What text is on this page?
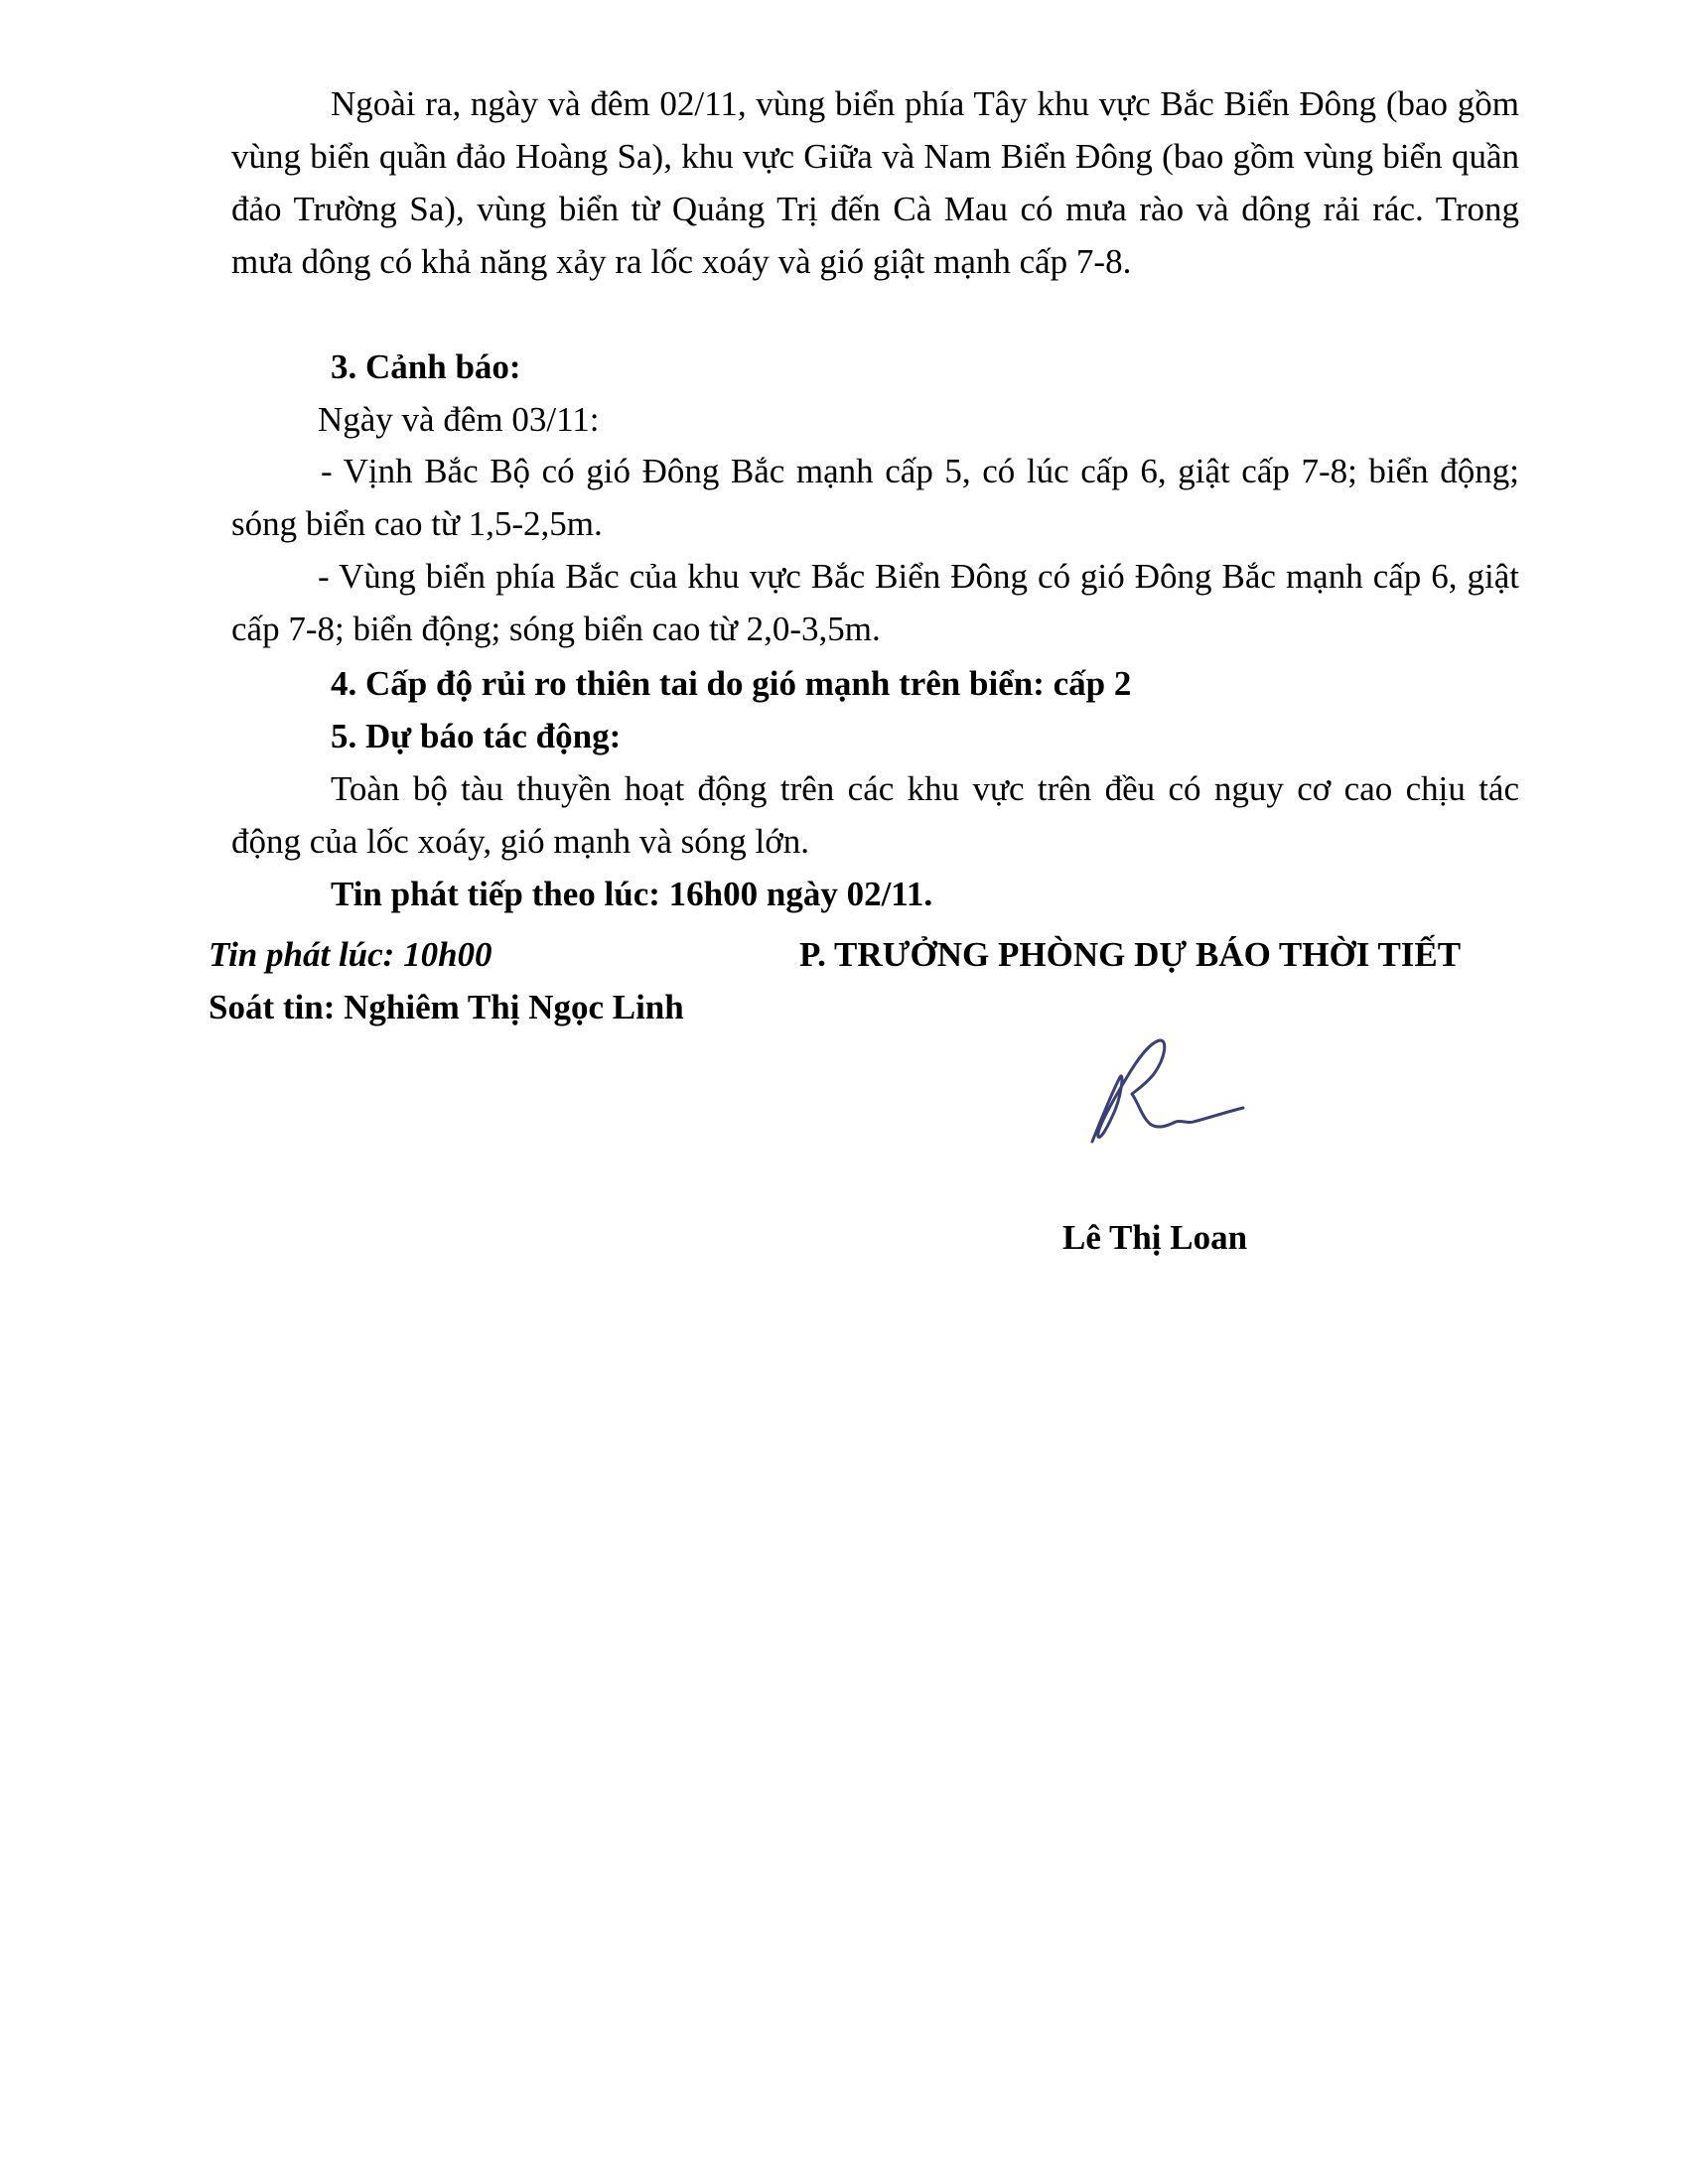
Ngoài ra, ngày và đêm 02/11, vùng biển phía Tây khu vực Bắc Biển Đông (bao gồm vùng biển quần đảo Hoàng Sa), khu vực Giữa và Nam Biển Đông (bao gồm vùng biển quần đảo Trường Sa), vùng biển từ Quảng Trị đến Cà Mau có mưa rào và dông rải rác. Trong mưa dông có khả năng xảy ra lốc xoáy và gió giật mạnh cấp 7-8.

3. Cảnh báo:

Ngày và đêm 03/11:

- Vịnh Bắc Bộ có gió Đông Bắc mạnh cấp 5, có lúc cấp 6, giật cấp 7-8; biển động; sóng biển cao từ 1,5-2,5m.

- Vùng biển phía Bắc của khu vực Bắc Biển Đông có gió Đông Bắc mạnh cấp 6, giật cấp 7-8; biển động; sóng biển cao từ 2,0-3,5m.

4. Cấp độ rủi ro thiên tai do gió mạnh trên biển: cấp 2

5. Dự báo tác động:

Toàn bộ tàu thuyền hoạt động trên các khu vực trên đều có nguy cơ cao chịu tác động của lốc xoáy, gió mạnh và sóng lớn.

Tin phát tiếp theo lúc: 16h00 ngày 02/11.

Tin phát lúc: 10h00

Soát tin: Nghiêm Thị Ngọc Linh

P. TRƯỞNG PHÒNG DỰ BÁO THỜI TIẾT

Lê Thị Loan
